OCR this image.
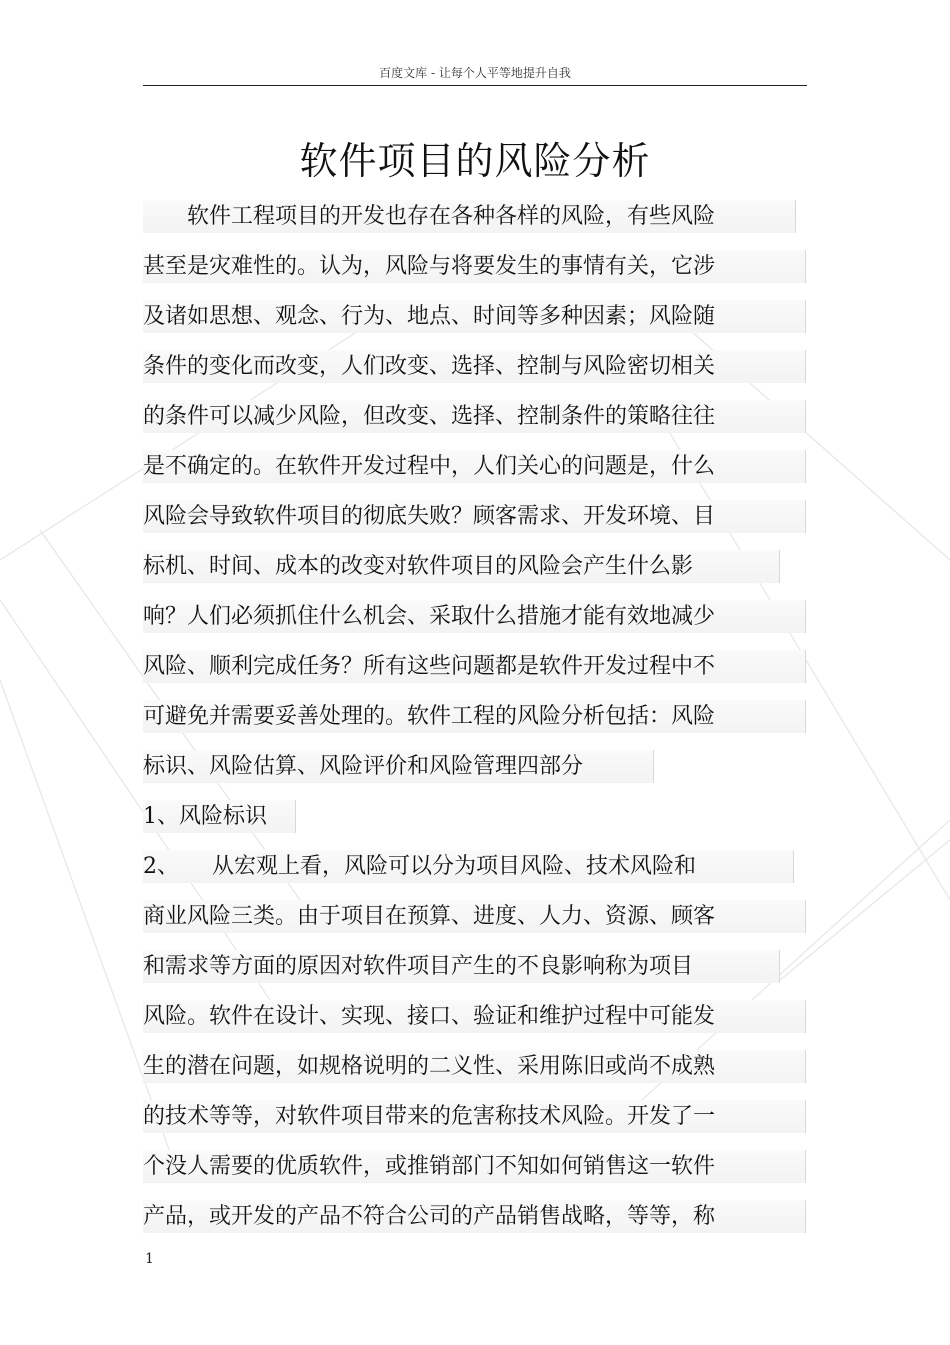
百度文库 - 让每个人平等地提升自我
软件项目的风险分析
　　软件工程项目的开发也存在各种各样的风险，有些风险
甚至是灾难性的。认为，风险与将要发生的事情有关，它涉
及诸如思想、观念、行为、地点、时间等多种因素；风险随
条件的变化而改变，人们改变、选择、控制与风险密切相关
的条件可以减少风险，但改变、选择、控制条件的策略往往
是不确定的。在软件开发过程中，人们关心的问题是，什么
风险会导致软件项目的彻底失败？顾客需求、开发环境、目
标机、时间、成本的改变对软件项目的风险会产生什么影
响？人们必须抓住什么机会、采取什么措施才能有效地减少
风险、顺利完成任务？所有这些问题都是软件开发过程中不
可避免并需要妥善处理的。软件工程的风险分析包括：风险
标识、风险估算、风险评价和风险管理四部分
1、风险标识
2、　　从宏观上看，风险可以分为项目风险、技术风险和
商业风险三类。由于项目在预算、进度、人力、资源、顾客
和需求等方面的原因对软件项目产生的不良影响称为项目
风险。软件在设计、实现、接口、验证和维护过程中可能发
生的潜在问题，如规格说明的二义性、采用陈旧或尚不成熟
的技术等等，对软件项目带来的危害称技术风险。开发了一
个没人需要的优质软件，或推销部门不知如何销售这一软件
产品，或开发的产品不符合公司的产品销售战略，等等，称
1
